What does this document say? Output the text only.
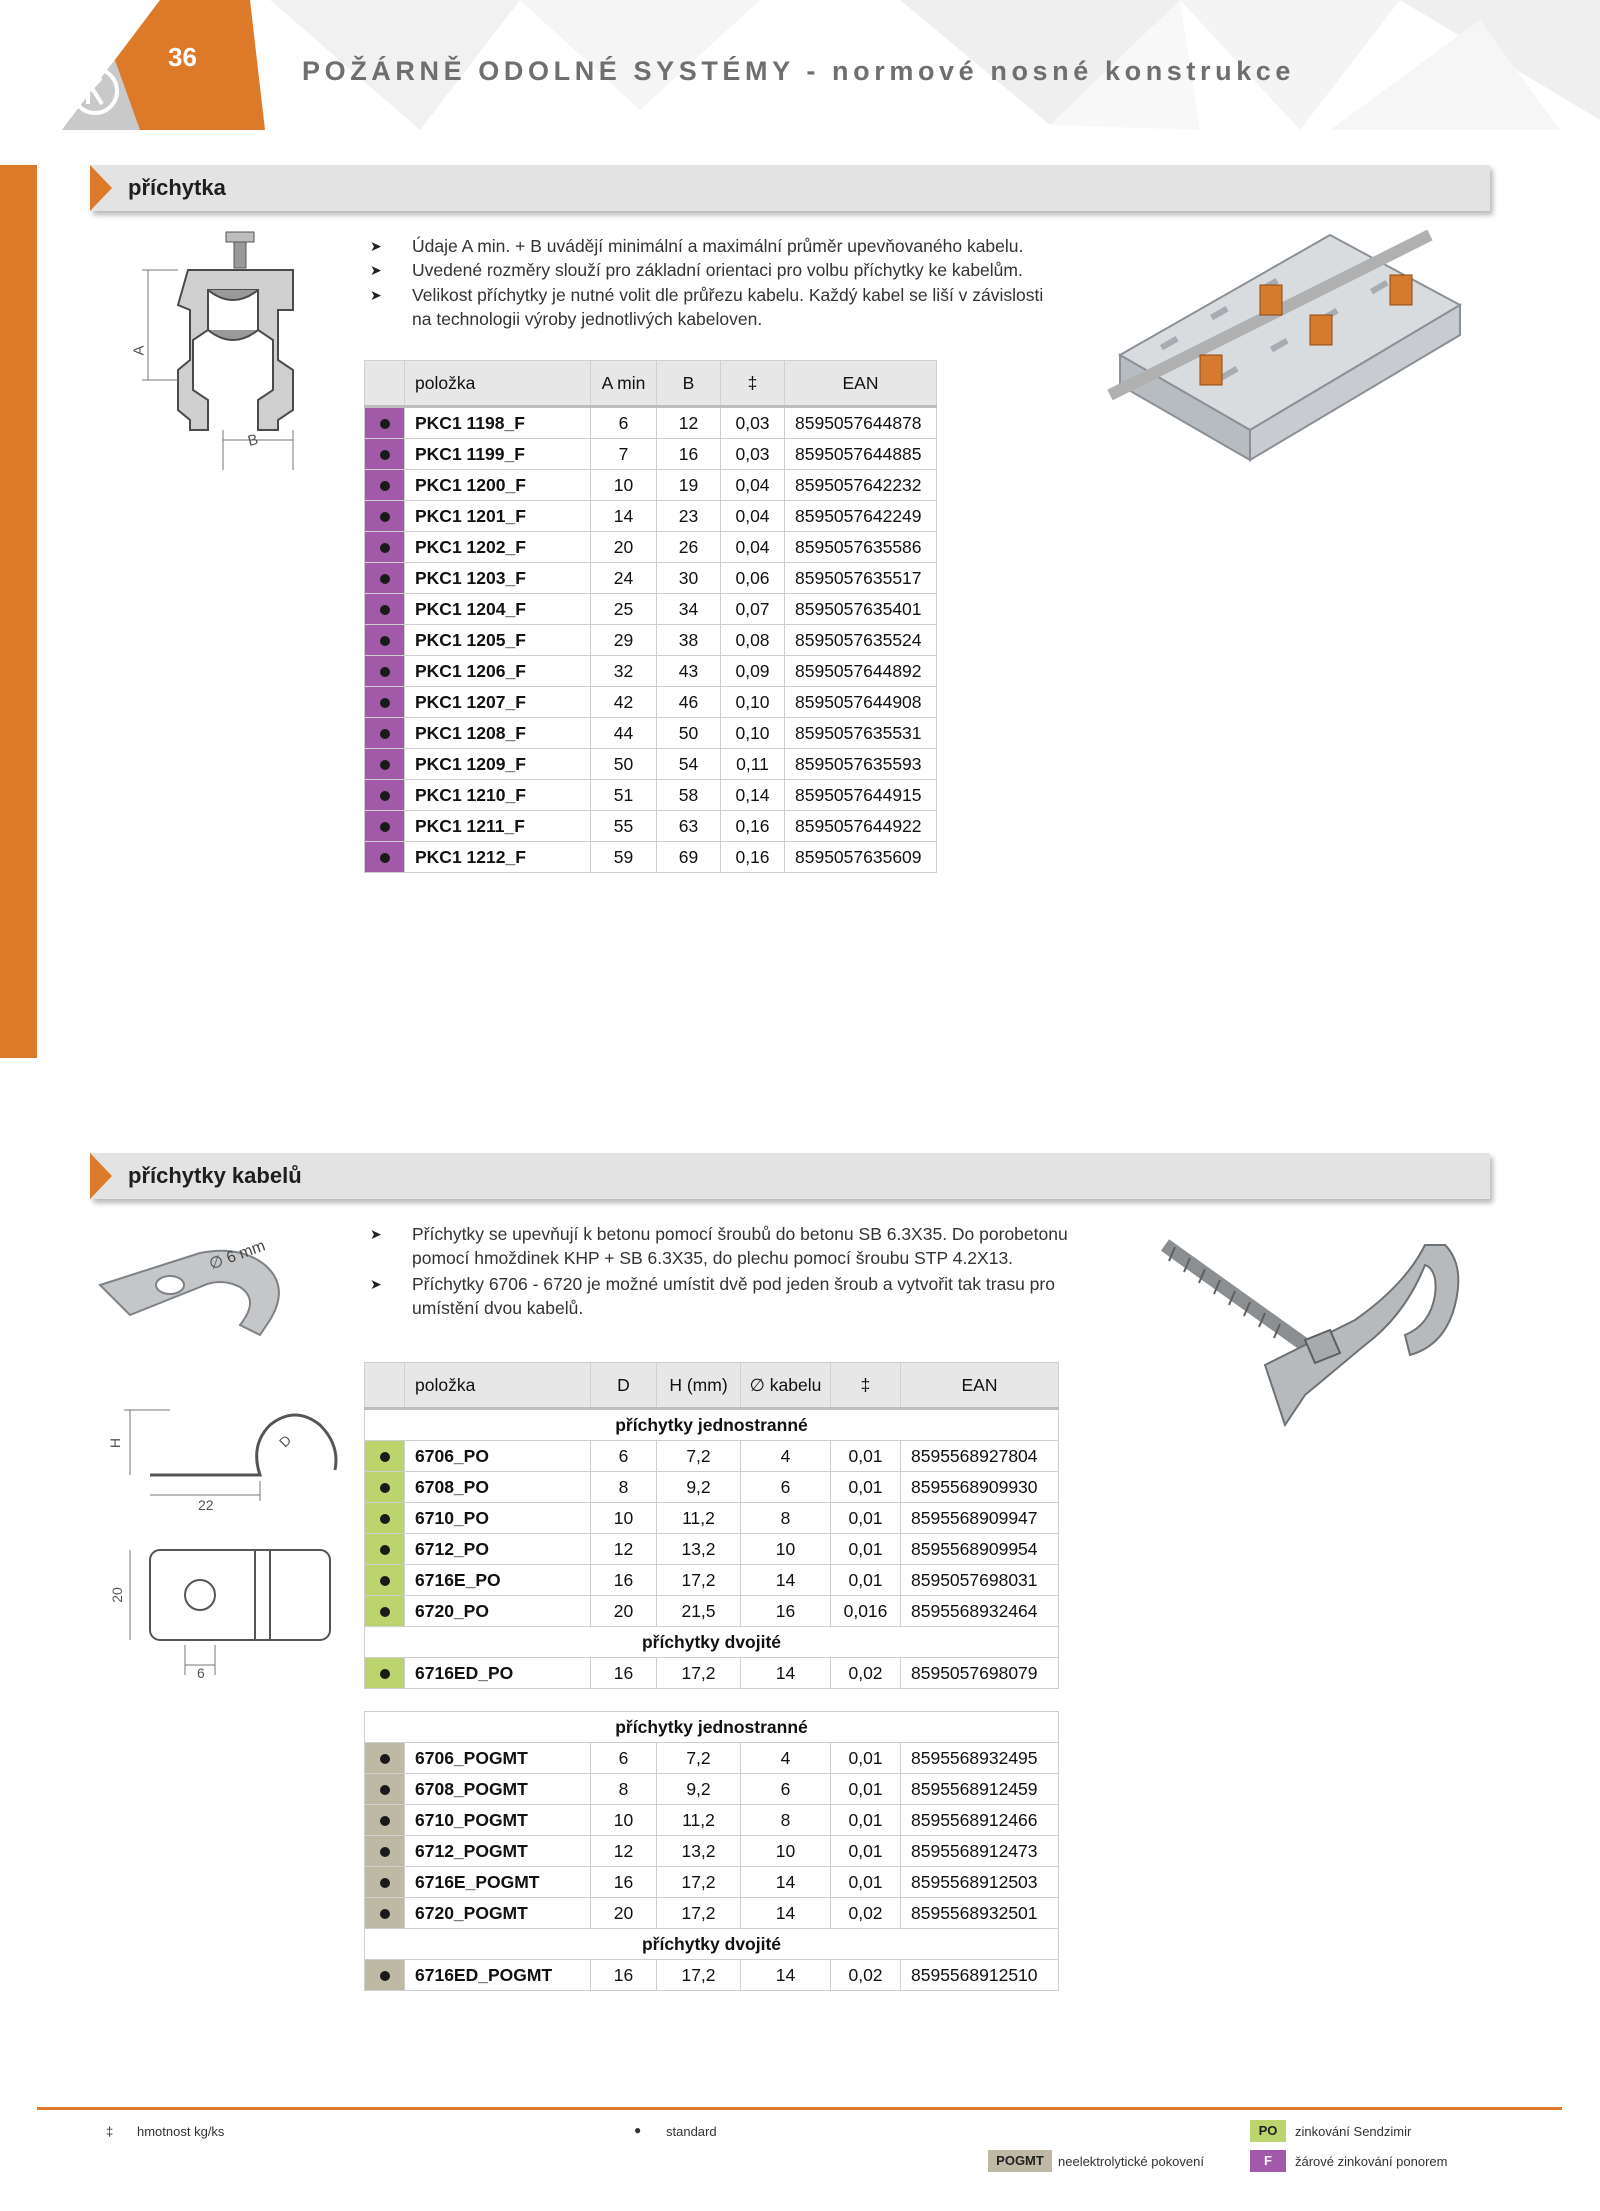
36	POŽÁRNĚ ODOLNÉ SYSTÉMY - normové nosné konstrukce
příchytka
A
B
➤ Údaje A min. + B uvádějí minimální a maximální průměr upevňovaného kabelu.
➤ Uvedené rozměry slouží pro základní orientaci pro volbu příchytky ke kabelům.
➤ Velikost příchytky je nutné volit dle průřezu kabelu. Každý kabel se liší v závislosti na technologii výroby jednotlivých kabeloven.
	položka	A min	B	‡	EAN
	PKC1 1198_F	6	12	0,03	8595057644878
	PKC1 1199_F	7	16	0,03	8595057644885
	PKC1 1200_F	10	19	0,04	8595057642232
	PKC1 1201_F	14	23	0,04	8595057642249
	PKC1 1202_F	20	26	0,04	8595057635586
	PKC1 1203_F	24	30	0,06	8595057635517
	PKC1 1204_F	25	34	0,07	8595057635401
	PKC1 1205_F	29	38	0,08	8595057635524
	PKC1 1206_F	32	43	0,09	8595057644892
	PKC1 1207_F	42	46	0,10	8595057644908
	PKC1 1208_F	44	50	0,10	8595057635531
	PKC1 1209_F	50	54	0,11	8595057635593
	PKC1 1210_F	51	58	0,14	8595057644915
	PKC1 1211_F	55	63	0,16	8595057644922
	PKC1 1212_F	59	69	0,16	8595057635609
příchytky kabelů
∅ 6 mm
H	D
22
20
6
➤ Příchytky se upevňují k betonu pomocí šroubů do betonu SB 6.3X35. Do porobetonu pomocí hmoždinek KHP + SB 6.3X35, do plechu pomocí šroubu STP 4.2X13.
➤ Příchytky 6706 - 6720 je možné umístit dvě pod jeden šroub a vytvořit tak trasu pro umístění dvou kabelů.
	položka	D	H (mm)	∅ kabelu	‡	EAN
příchytky jednostranné						
	6706_PO	6	7,2	4	0,01	8595568927804
	6708_PO	8	9,2	6	0,01	8595568909930
	6710_PO	10	11,2	8	0,01	8595568909947
	6712_PO	12	13,2	10	0,01	8595568909954
	6716E_PO	16	17,2	14	0,01	8595057698031
	6720_PO	20	21,5	16	0,016	8595568932464
příchytky dvojité						
	6716ED_PO	16	17,2	14	0,02	8595057698079

příchytky jednostranné						
	6706_POGMT	6	7,2	4	0,01	8595568932495
	6708_POGMT	8	9,2	6	0,01	8595568912459
	6710_POGMT	10	11,2	8	0,01	8595568912466
	6712_POGMT	12	13,2	10	0,01	8595568912473
	6716E_POGMT	16	17,2	14	0,01	8595568912503
	6720_POGMT	20	17,2	14	0,02	8595568932501
příchytky dvojité						
	6716ED_POGMT	16	17,2	14	0,02	8595568912510
‡ hmotnost kg/ks	● standard	PO	zinkování Sendzimir
POGMT	neelektrolytické pokovení	F	žárové zinkování ponorem
